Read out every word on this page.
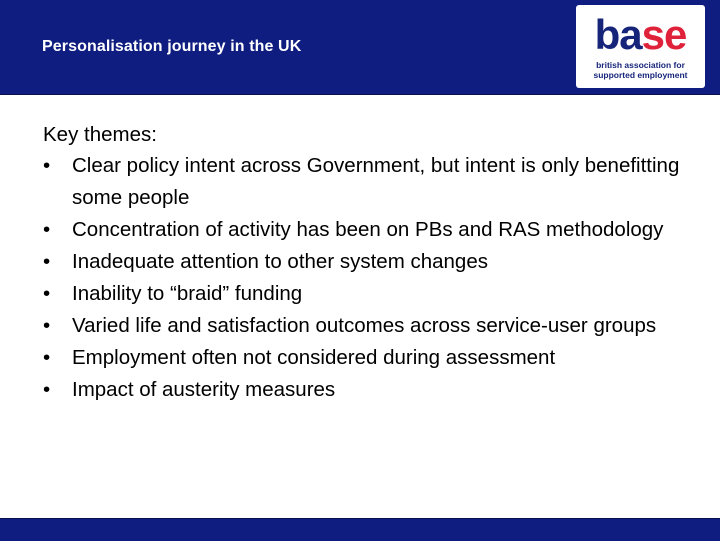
Personalisation journey in the UK	base
british association for
supported employment

Key themes:

• Clear policy intent across Government, but intent is only benefitting some people
• Concentration of activity has been on PBs and RAS methodology
• Inadequate attention to other system changes
• Inability to “braid” funding
• Varied life and satisfaction outcomes across service-user groups
• Employment often not considered during assessment
• Impact of austerity measures
